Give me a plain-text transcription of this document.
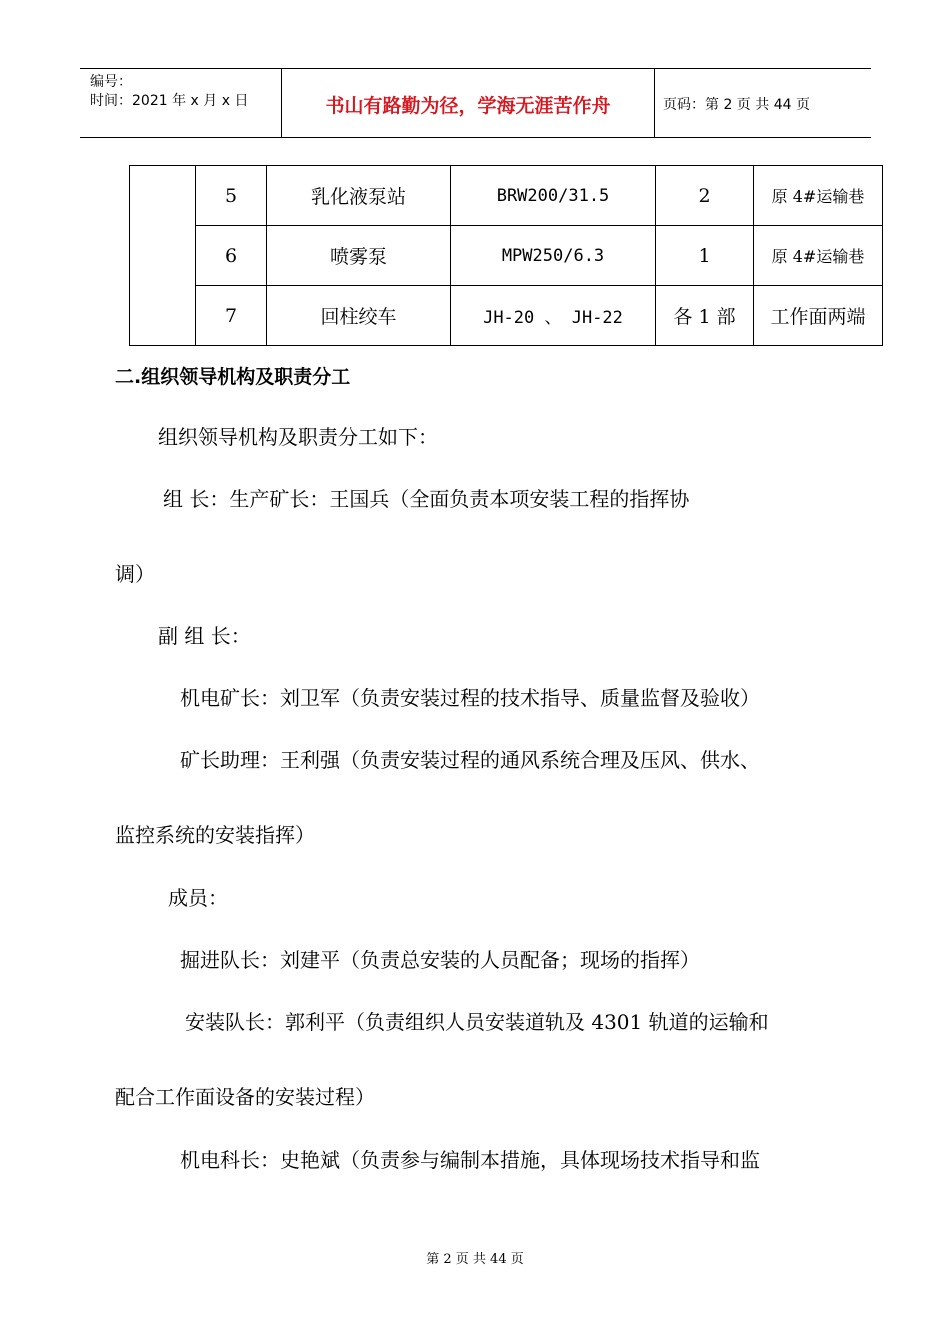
编号：
时间：2021 年 x 月 x 日	书山有路勤为径，学海无涯苦作舟	页码：第 2 页 共 44 页
	5	乳化液泵站	BRW200/31.5	2	原 4#运输巷
	6	喷雾泵	MPW250/6.3	1	原 4#运输巷
	7	回柱绞车	JH-20 、 JH-22	各 1 部	工作面两端
二.组织领导机构及职责分工
组织领导机构及职责分工如下：
组 长：生产矿长：王国兵（全面负责本项安装工程的指挥协
调）
副 组 长：
机电矿长：刘卫军（负责安装过程的技术指导、质量监督及验收）
矿长助理：王利强（负责安装过程的通风系统合理及压风、供水、
监控系统的安装指挥）
成员：
掘进队长：刘建平（负责总安装的人员配备；现场的指挥）
安装队长：郭利平（负责组织人员安装道轨及 4301 轨道的运输和
配合工作面设备的安装过程）
机电科长：史艳斌（负责参与编制本措施，具体现场技术指导和监
第 2 页 共 44 页
